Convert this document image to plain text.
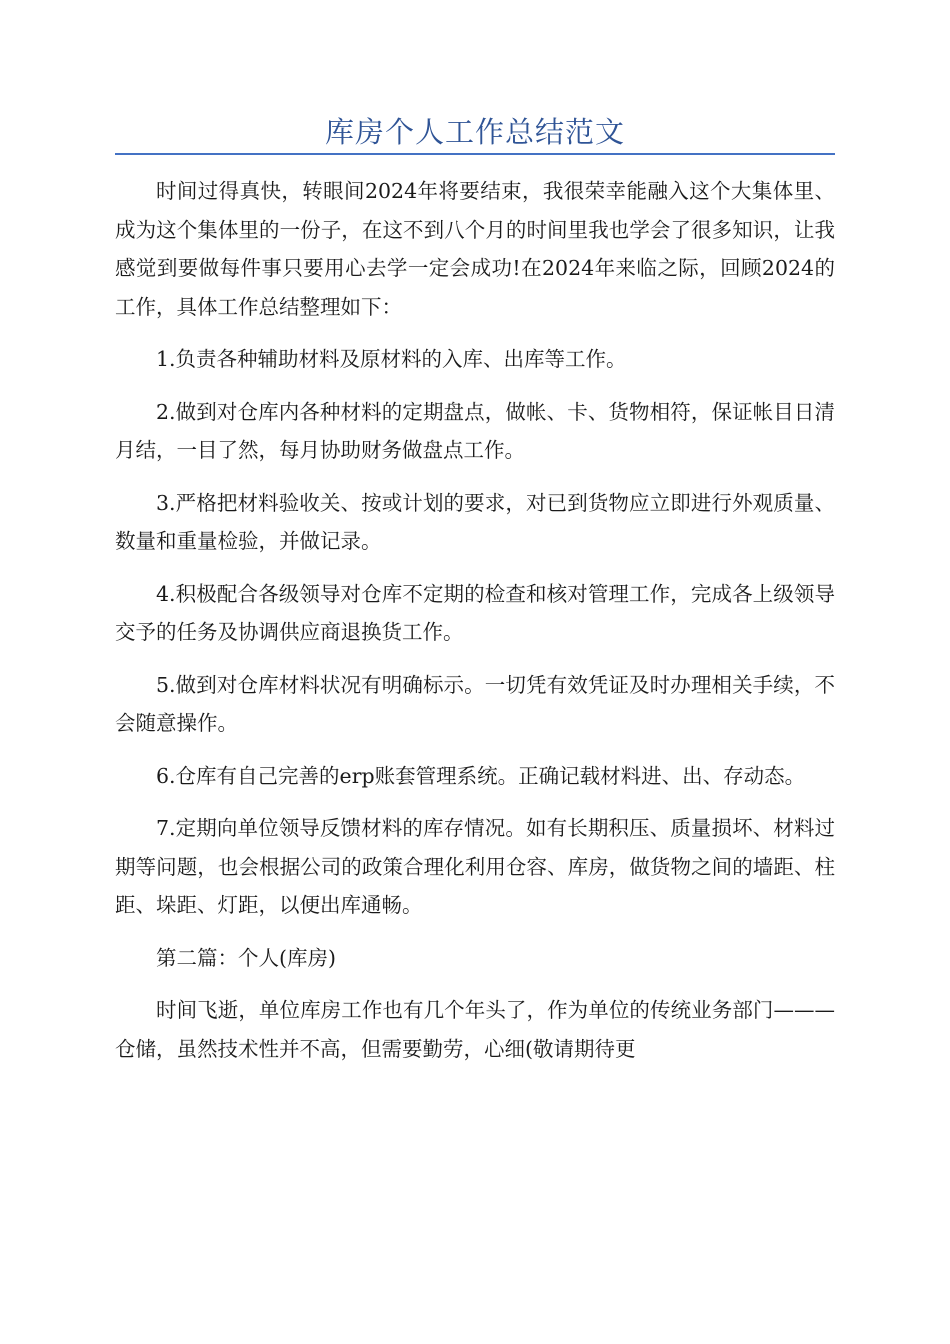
库房个人工作总结范文

时间过得真快，转眼间2024年将要结束，我很荣幸能融入这个大集体里、成为这个集体里的一份子，在这不到八个月的时间里我也学会了很多知识，让我感觉到要做每件事只要用心去学一定会成功!在2024年来临之际，回顾2024的工作，具体工作总结整理如下：

1.负责各种辅助材料及原材料的入库、出库等工作。

2.做到对仓库内各种材料的定期盘点，做帐、卡、货物相符，保证帐目日清月结，一目了然，每月协助财务做盘点工作。

3.严格把材料验收关、按或计划的要求，对已到货物应立即进行外观质量、数量和重量检验，并做记录。

4.积极配合各级领导对仓库不定期的检查和核对管理工作，完成各上级领导交予的任务及协调供应商退换货工作。

5.做到对仓库材料状况有明确标示。一切凭有效凭证及时办理相关手续，不会随意操作。

6.仓库有自己完善的erp账套管理系统。正确记载材料进、出、存动态。

7.定期向单位领导反馈材料的库存情况。如有长期积压、质量损坏、材料过期等问题，也会根据公司的政策合理化利用仓容、库房，做货物之间的墙距、柱距、垛距、灯距，以便出库通畅。

第二篇：个人(库房)

时间飞逝，单位库房工作也有几个年头了，作为单位的传统业务部门———仓储，虽然技术性并不高，但需要勤劳，心细(敬请期待更
